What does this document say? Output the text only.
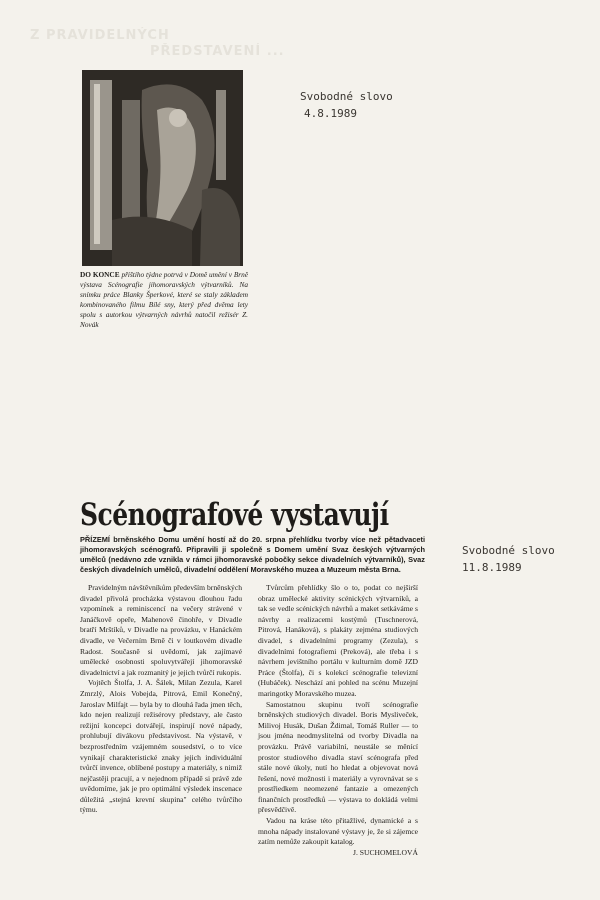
Z PRAVIDELNÝCH
PŘEDSTAVENÍ ...
DO KONCE příštího týdne potrvá v Domě umění v Brně výstava Scénografie jihomoravských výtvarníků. Na snímku práce Blanky Šperkové, které se staly základem kombinovaného filmu Bílé sny, který před dvěma lety spolu s autorkou výtvarných návrhů natočil režisér Z. Novák
Svobodné slovo
4.8.1989
Svobodné slovo
11.8.1989
Scénografové vystavují
PŘÍZEMÍ brněnského Domu umění hostí až do 20. srpna přehlídku tvorby více než pětadvaceti jihomoravských scénografů. Připravili ji společně s Domem umění Svaz českých výtvarných umělců (nedávno zde vznikla v rámci jihomoravské pobočky sekce divadelních výtvarníků), Svaz českých divadelních umělců, divadelní oddělení Moravského muzea a Muzeum města Brna.

Pravidelným návštěvníkům především brněnských divadel přivolá procházka výstavou dlouhou řadu vzpomínek a reminiscencí na večery strávené v Janáčkově opeře, Mahenově činohře, v Divadle bratří Mrštíků, v Divadle na provázku, v Hanáckém divadle, ve Večerním Brně či v loutkovém divadle Radost. Současně si uvědomí, jak zajímavé umělecké osobnosti spoluvytvářejí jihomoravské divadelnictví a jak rozmanitý je jejich tvůrčí rukopis.

Vojtěch Štolfa, J. A. Šálek, Milan Zezula, Karel Zmrzlý, Alois Vobejda, Pitrová, Emil Konečný, Jaroslav Milfajt — byla by to dlouhá řada jmen těch, kdo nejen realizují režisérovy představy, ale často režijní koncepci dotvářejí, inspirují nové nápady, prohlubují divákovu představivost. Na výstavě, v bezprostředním vzájemném sousedství, o to více vynikají charakteristické znaky jejich individuální tvůrčí invence, oblíbené postupy a materiály, s nimiž nejčastěji pracují, a v nejednom případě si právě zde uvědomíme, jak je pro optimální výsledek inscenace důležitá „stejná krevní skupina" celého tvůrčího týmu.

Tvůrcům přehlídky šlo o to, podat co nejširší obraz umělecké aktivity scénických výtvarníků, a tak se vedle scénických návrhů a maket setkáváme s návrhy a realizacemi kostýmů (Tuschnerová, Pitrová, Hanáková), s plakáty zejména studiových divadel, s divadelními programy (Zezula), s divadelními fotografiemi (Preková), ale třeba i s návrhem jevištního portálu v kulturním domě JZD Práce (Štolfa), či s kolekcí scénografie televizní (Hubáček). Neschází ani pohled na scénu Muzejní maringotky Moravského muzea.

Samostatnou skupinu tvoří scénografie brněnských studiových divadel. Boris Mysliveček, Milivoj Husák, Dušan Ždimal, Tomáš Ruller — to jsou jména neodmyslitelná od tvorby Divadla na provázku. Právě variabilní, neustále se měnící prostor studiového divadla staví scénografa před stále nové úkoly, nutí ho hledat a objevovat nová řešení, nové možnosti i materiály a vyrovnávat se s prostřiedkem neomezené fantazie a omezených finančních prostředků — výstava to dokládá velmi přesvědčivě.

Vadou na kráse této přitažlivé, dynamické a s mnoha nápady instalované výstavy je, že si zájemce zatím nemůže zakoupit katalog.

J. SUCHOMELOVÁ
